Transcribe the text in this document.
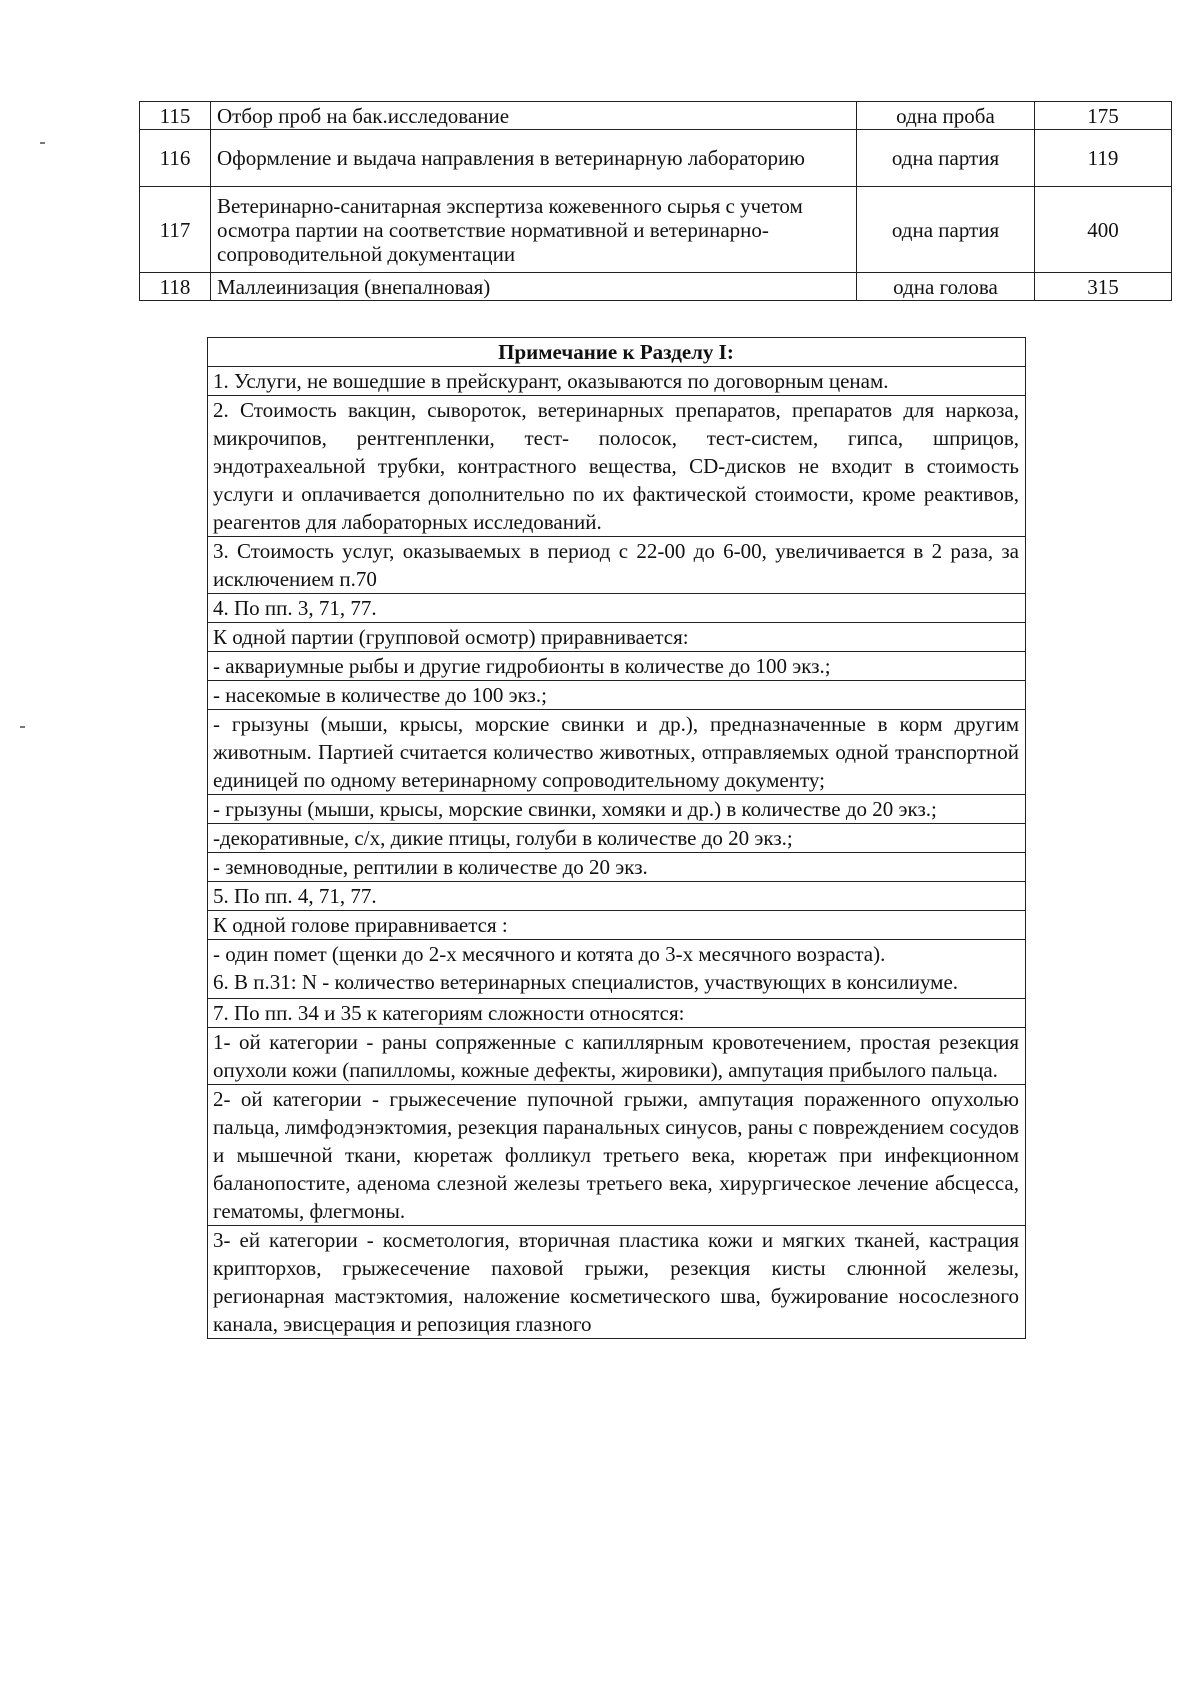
115	Отбор проб на бак.исследование	одна проба	175
116	Оформление и выдача направления в ветеринарную лабораторию	одна партия	119
117	Ветеринарно-санитарная экспертиза кожевенного сырья с учетом осмотра партии на соответствие нормативной и ветеринарно-сопроводительной документации	одна партия	400
118	Маллеинизация (внепалновая)	одна голова	315
Примечание к Разделу I:
1. Услуги, не вошедшие в прейскурант, оказываются по договорным ценам.
2. Стоимость вакцин, сывороток, ветеринарных препаратов, препаратов для наркоза, микрочипов, рентгенпленки, тест- полосок, тест-систем, гипса, шприцов, эндотрахеальной трубки, контрастного вещества, CD-дисков не входит в стоимость услуги и оплачивается дополнительно по их фактической стоимости, кроме реактивов, реагентов для лабораторных исследований.
3. Стоимость услуг, оказываемых в период с 22-00 до 6-00, увеличивается в 2 раза, за исключением п.70
4. По пп. 3, 71, 77.
К одной партии (групповой осмотр) приравнивается:
- аквариумные рыбы и другие гидробионты в количестве до 100 экз.;
- насекомые в количестве до 100 экз.;
- грызуны (мыши, крысы, морские свинки и др.), предназначенные в корм другим животным. Партией считается количество животных, отправляемых одной транспортной единицей по одному ветеринарному сопроводительному документу;
- грызуны (мыши, крысы, морские свинки, хомяки и др.) в количестве до 20 экз.;
-декоративные, с/х, дикие птицы, голуби в количестве до 20 экз.;
- земноводные, рептилии в количестве до 20 экз.
5. По пп. 4, 71, 77.
К одной голове приравнивается :

- один помет (щенки до 2-х месячного и котята до 3-х месячного возраста).
6. В п.31: N - количество ветеринарных специалистов, участвующих в консилиуме.

7. По пп. 34 и 35 к категориям сложности относятся:
1- ой категории - раны сопряженные с капиллярным кровотечением, простая резекция опухоли кожи (папилломы, кожные дефекты, жировики), ампутация прибылого пальца.
2- ой категории - грыжесечение пупочной грыжи, ампутация пораженного опухолью пальца, лимфодэнэктомия, резекция паранальных синусов, раны с повреждением сосудов и мышечной ткани, кюретаж фолликул третьего века, кюретаж при инфекционном баланопостите, аденома слезной железы третьего века, хирургическое лечение абсцесса, гематомы, флегмоны.
3- ей категории - косметология, вторичная пластика кожи и мягких тканей, кастрация крипторхов, грыжесечение паховой грыжи, резекция кисты слюнной железы, регионарная мастэктомия, наложение косметического шва, бужирование носослезного канала, эвисцерация и репозиция глазного
